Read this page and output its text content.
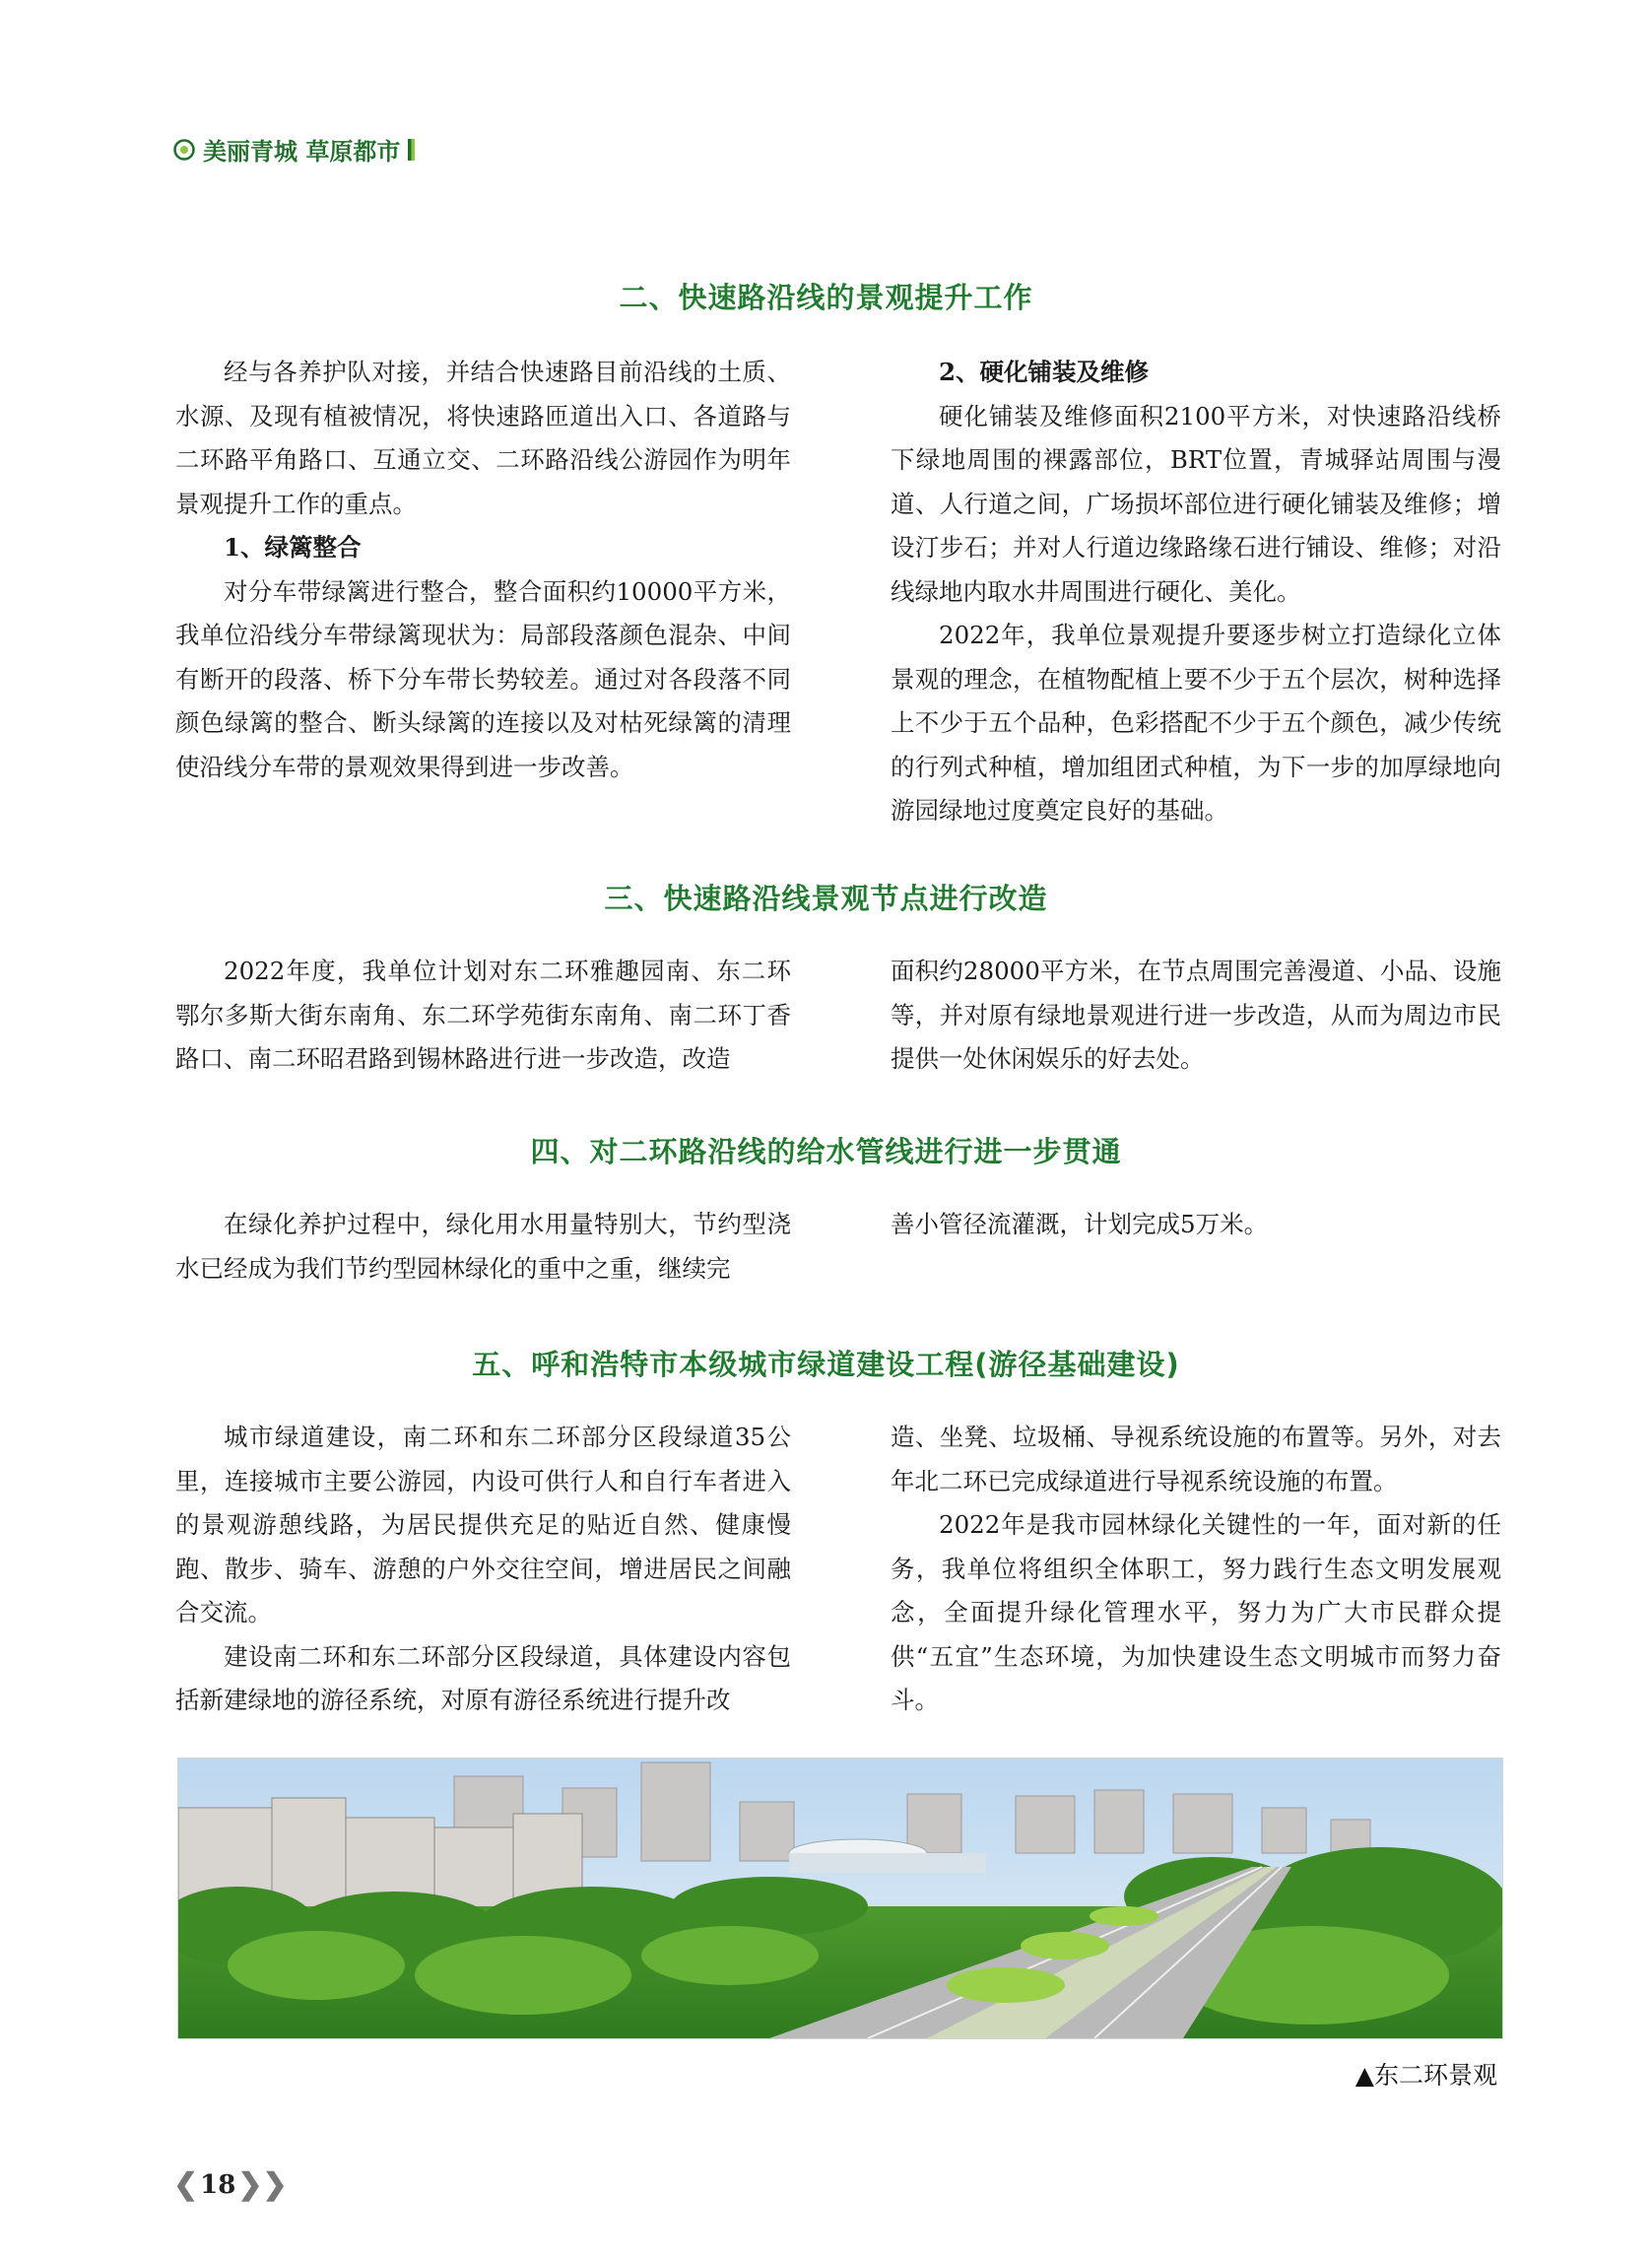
美丽青城 草原都市
二、快速路沿线的景观提升工作

经与各养护队对接，并结合快速路目前沿线的土质、水源、及现有植被情况，将快速路匝道出入口、各道路与二环路平角路口、互通立交、二环路沿线公游园作为明年景观提升工作的重点。

1、绿篱整合

对分车带绿篱进行整合，整合面积约10000平方米，我单位沿线分车带绿篱现状为：局部段落颜色混杂、中间有断开的段落、桥下分车带长势较差。通过对各段落不同颜色绿篱的整合、断头绿篱的连接以及对枯死绿篱的清理使沿线分车带的景观效果得到进一步改善。

2、硬化铺装及维修

硬化铺装及维修面积2100平方米，对快速路沿线桥下绿地周围的裸露部位，BRT位置，青城驿站周围与漫道、人行道之间，广场损坏部位进行硬化铺装及维修；增设汀步石；并对人行道边缘路缘石进行铺设、维修；对沿线绿地内取水井周围进行硬化、美化。

2022年，我单位景观提升要逐步树立打造绿化立体景观的理念，在植物配植上要不少于五个层次，树种选择上不少于五个品种，色彩搭配不少于五个颜色，减少传统的行列式种植，增加组团式种植，为下一步的加厚绿地向游园绿地过度奠定良好的基础。

三、快速路沿线景观节点进行改造

2022年度，我单位计划对东二环雅趣园南、东二环鄂尔多斯大街东南角、东二环学苑街东南角、南二环丁香路口、南二环昭君路到锡林路进行进一步改造，改造

面积约28000平方米，在节点周围完善漫道、小品、设施等，并对原有绿地景观进行进一步改造，从而为周边市民提供一处休闲娱乐的好去处。

四、对二环路沿线的给水管线进行进一步贯通

在绿化养护过程中，绿化用水用量特别大，节约型浇水已经成为我们节约型园林绿化的重中之重，继续完

善小管径流灌溉，计划完成5万米。

五、呼和浩特市本级城市绿道建设工程(游径基础建设)

城市绿道建设，南二环和东二环部分区段绿道35公里，连接城市主要公游园，内设可供行人和自行车者进入的景观游憩线路，为居民提供充足的贴近自然、健康慢跑、散步、骑车、游憩的户外交往空间，增进居民之间融合交流。

建设南二环和东二环部分区段绿道，具体建设内容包括新建绿地的游径系统，对原有游径系统进行提升改

造、坐凳、垃圾桶、导视系统设施的布置等。另外，对去年北二环已完成绿道进行导视系统设施的布置。

2022年是我市园林绿化关键性的一年，面对新的任务，我单位将组织全体职工，努力践行生态文明发展观念，全面提升绿化管理水平，努力为广大市民群众提供“五宜”生态环境，为加快建设生态文明城市而努力奋斗。

▲东二环景观
❮ 18 ❯❯
